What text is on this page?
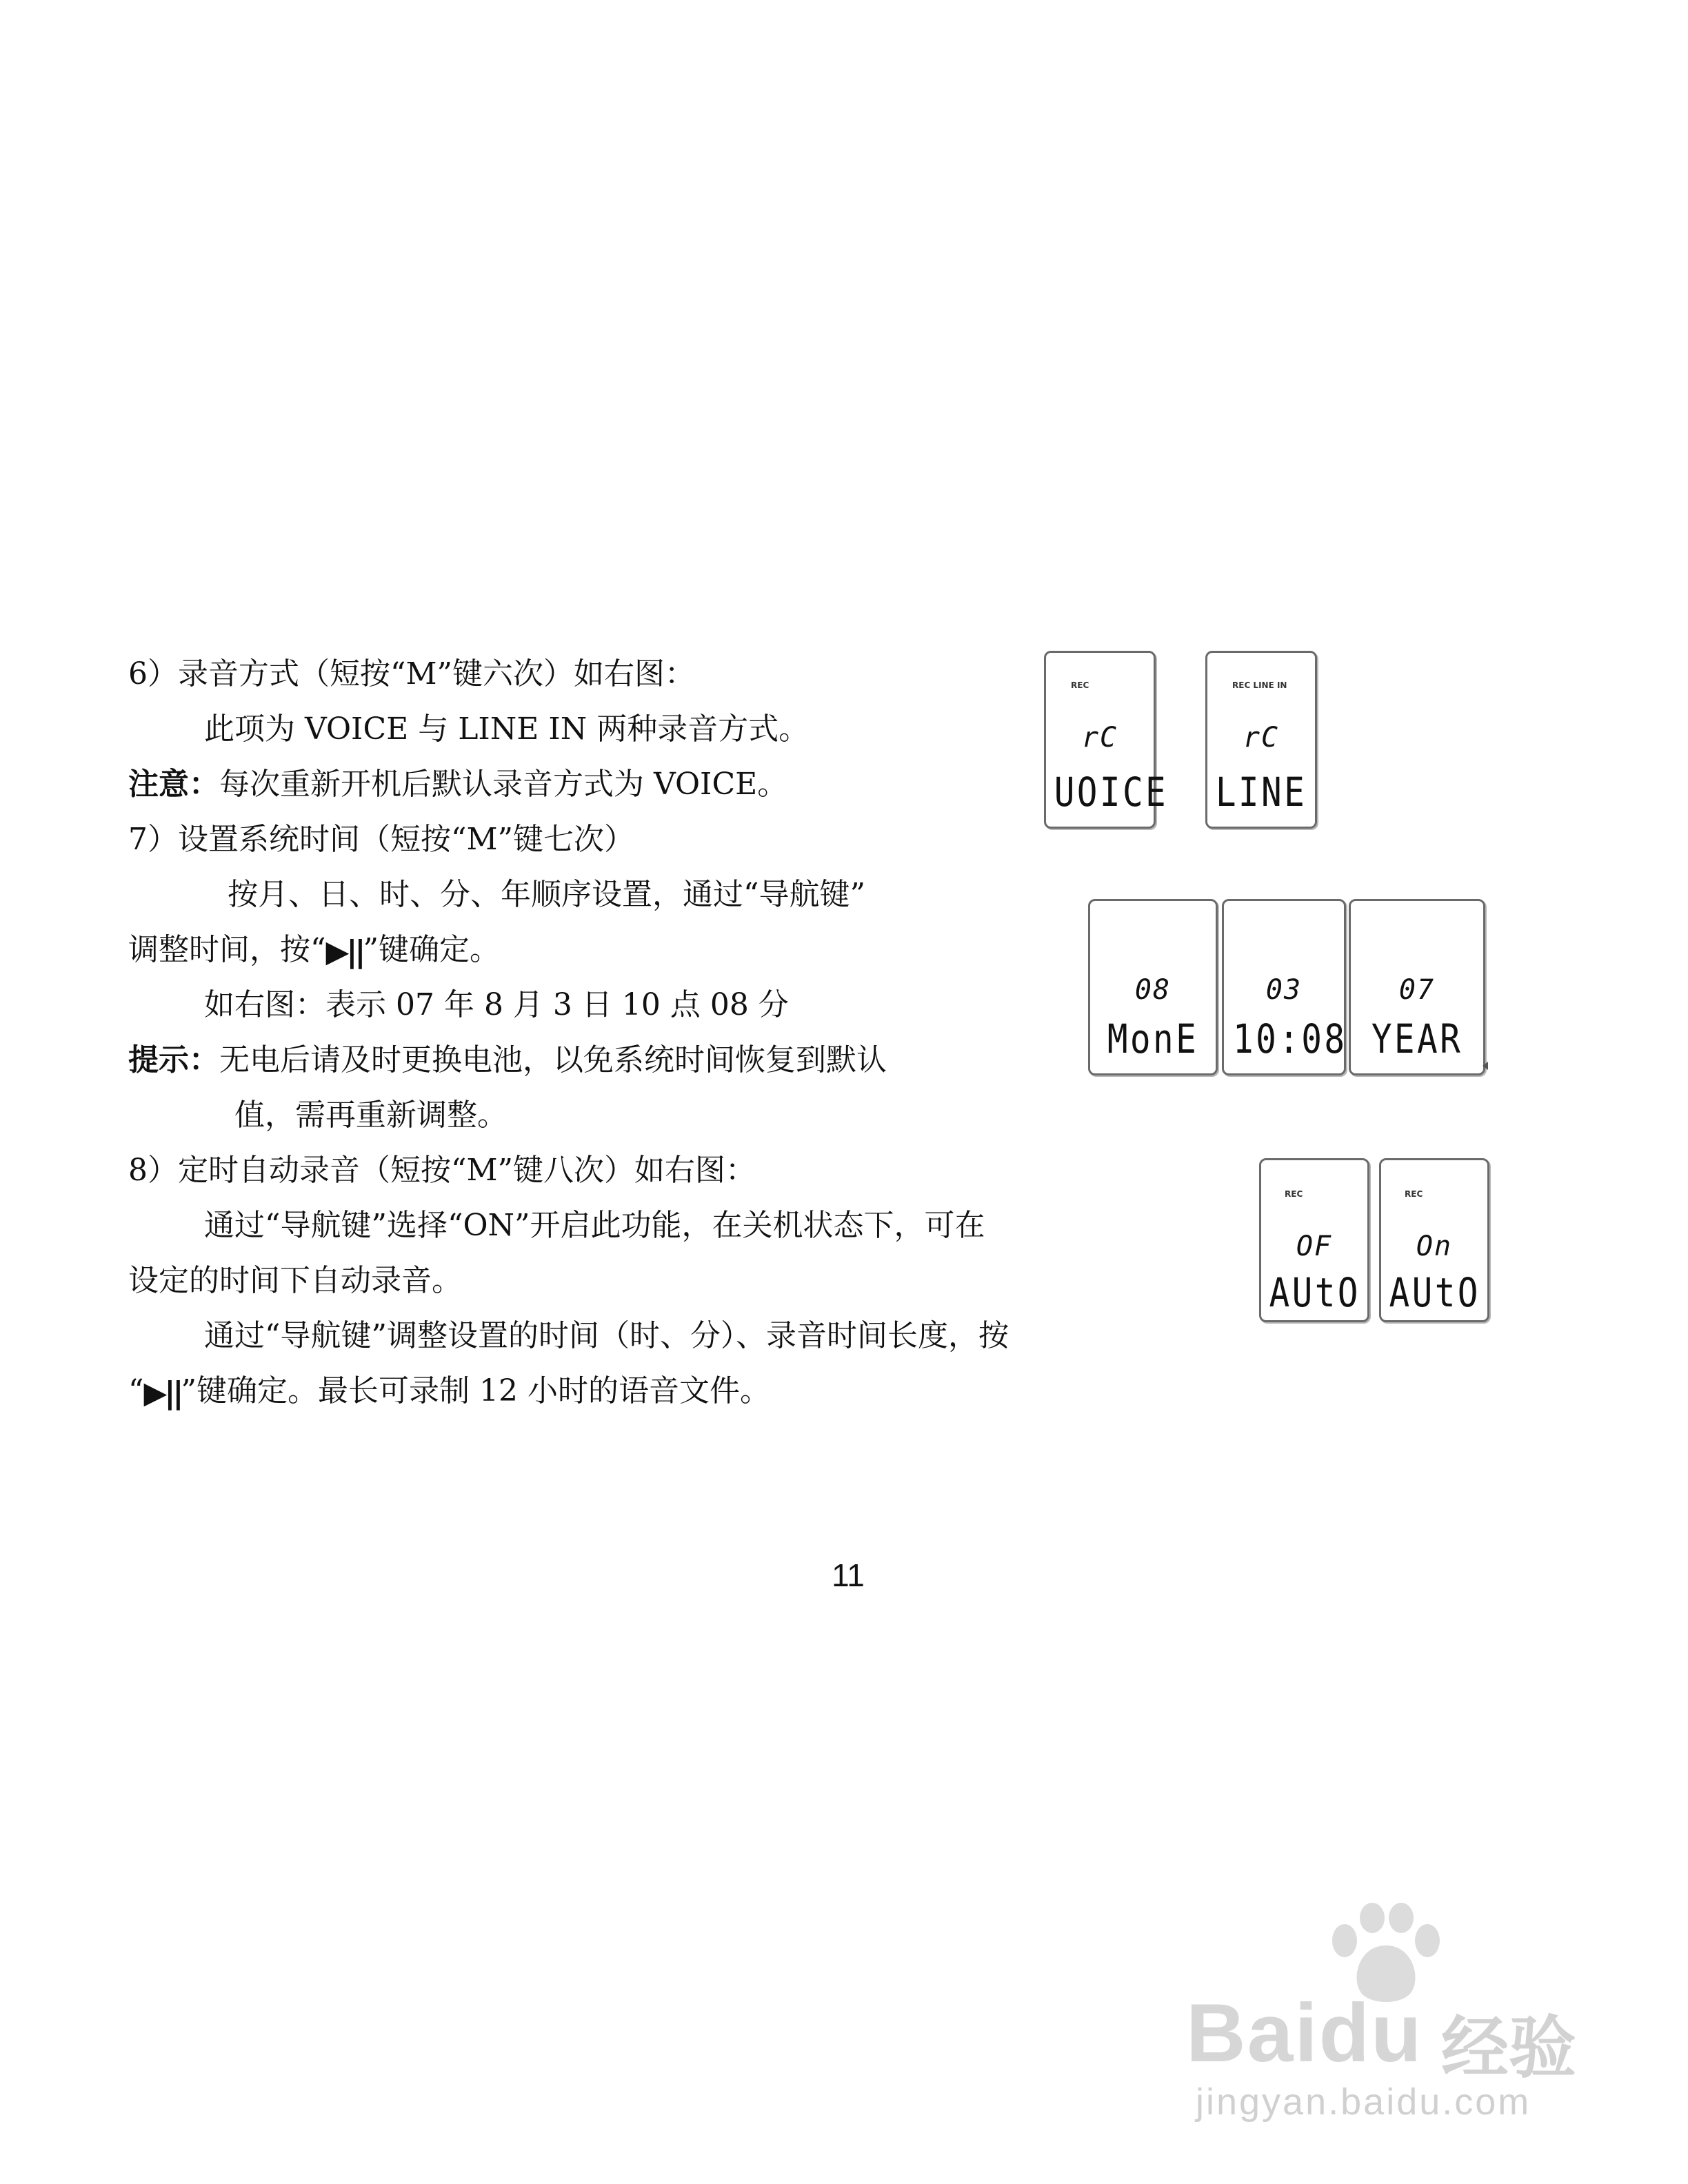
6）录音方式（短按“M”键六次）如右图：
此项为 VOICE 与 LINE IN 两种录音方式。
注意：每次重新开机后默认录音方式为 VOICE。
7）设置系统时间（短按“M”键七次）
按月、日、时、分、年顺序设置，通过“导航键”
调整时间，按“▶||”键确定。
如右图：表示 07 年 8 月 3 日 10 点 08 分
提示：无电后请及时更换电池，以免系统时间恢复到默认
值，需再重新调整。
8）定时自动录音（短按“M”键八次）如右图：
通过“导航键”选择“ON”开启此功能，在关机状态下，可在
设定的时间下自动录音。
通过“导航键”调整设置的时间（时、分）、录音时间长度，按
“▶||”键确定。最长可录制 12 小时的语音文件。
REC
rC
UOICE
REC LINE IN
rC
LINE
08
MonE
03
10:08
07
YEAR
REC
OF
AUtO
REC
On
AUtO
11
Baidu 经验
jingyan.baidu.com
